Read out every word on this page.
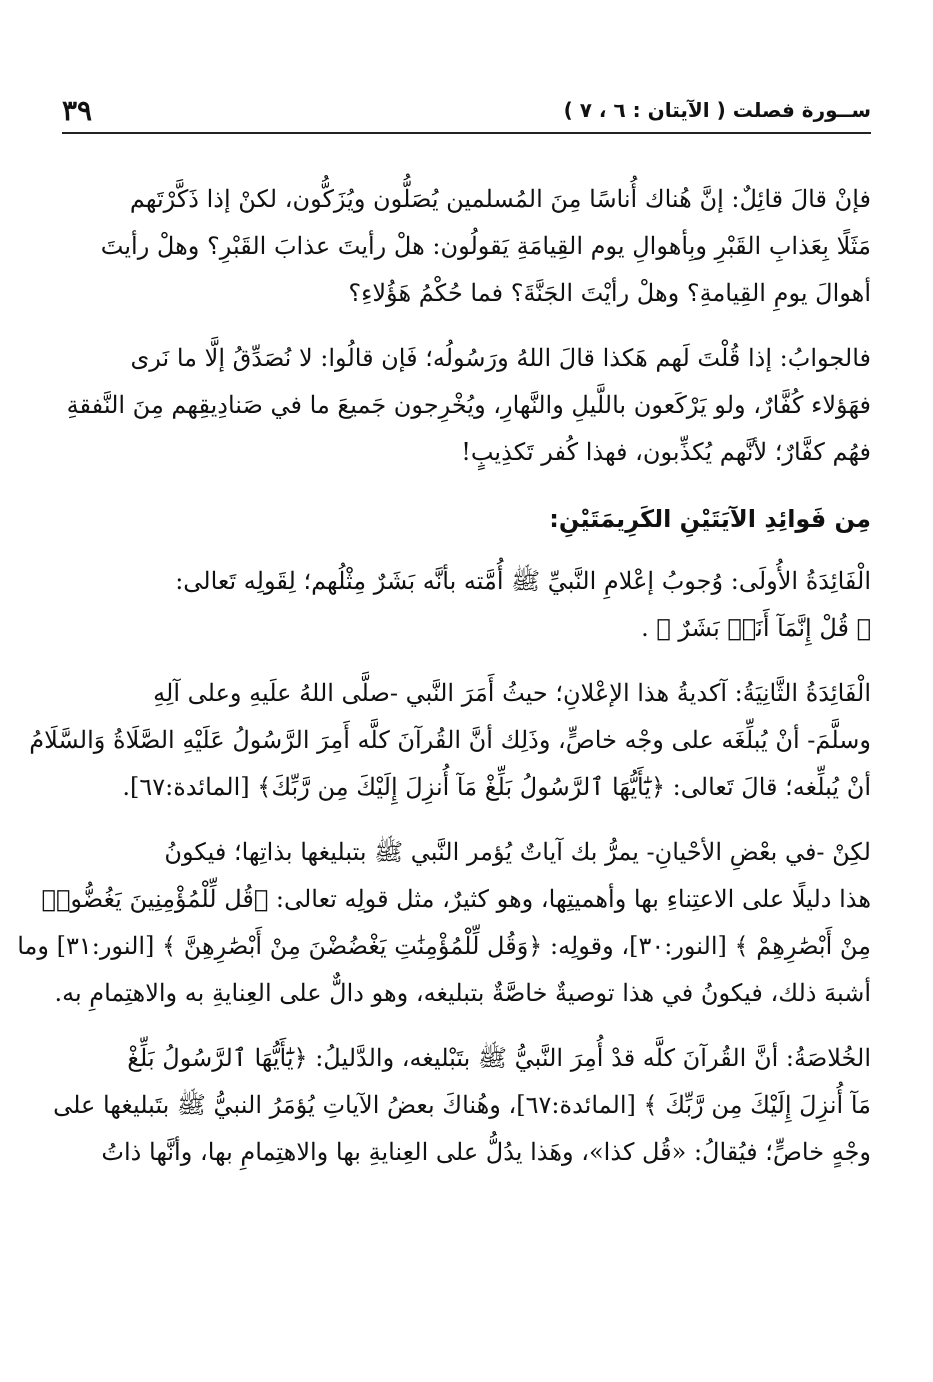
٣٩	ســورة فصلت ( الآيتان : ٦ ، ٧ )
فإنْ قالَ قائِلٌ: إنَّ هُناك أُناسًا مِنَ المُسلمين يُصَلُّون ويُزَكُّون، لكنْ إذا ذَكَّرْتَهم
مَثَلًا بِعَذابِ القَبْرِ وبِأهوالِ يوم القِيامَةِ يَقولُون: هلْ رأيتَ عذابَ القَبْرِ؟ وهلْ رأيتَ
أهوالَ يومِ القِيامةِ؟ وهلْ رأيْتَ الجَنَّةَ؟ فما حُكْمُ هَؤُلاءِ؟
فالجوابُ: إذا قُلْتَ لَهم هَكذا قالَ اللهُ ورَسُولُه؛ فَإن قالُوا: لا نُصَدِّقُ إلَّا ما نَرى
فهَؤلاء كُفَّارٌ، ولو يَرْكَعون باللَّيلِ والنَّهارِ، ويُخْرِجون جَميعَ ما في صَنادِيقِهم مِنَ النَّفقةِ
فهُم كفَّارٌ؛ لأنَّهم يُكذِّبون، فهذا كُفر تَكذِيبٍ!
مِن فَوائِدِ الآيَتَيْنِ الكَرِيمَتَيْنِ:
الْفَائِدَةُ الأُولَى: وُجوبُ إعْلامِ النَّبيِّ ﷺ أُمَّته بأنَّه بَشَرٌ مِثْلُهم؛ لِقَولِه تَعالى:
﴿ قُلْ إِنَّمَآ أَنَا۠ بَشَرٌ ﴾ .
الْفَائِدَةُ الثَّانِيَةُ: آكديةُ هذا الإعْلانِ؛ حيثُ أَمَرَ النَّبي -صلَّى اللهُ علَيهِ وعلى آلِهِ
وسلَّمَ- أنْ يُبلِّغَه على وجْه خاصٍّ، وذَلِك أنَّ القُرآنَ كلَّه أَمِرَ الرَّسُولُ عَلَيْهِ الصَّلَاةُ وَالسَّلَامُ
أنْ يُبلِّغه؛ قالَ تَعالى: ﴿يَٰٓأَيُّهَا ٱلرَّسُولُ بَلِّغْ مَآ أُنزِلَ إِلَيْكَ مِن رَّبِّكَ﴾ [المائدة:٦٧].
لكِنْ -في بعْضِ الأحْيانِ- يمرُّ بك آياتٌ يُؤمر النَّبي ﷺ بتبليغها بذاتِها؛ فيكونُ
هذا دليلًا على الاعتِناءِ بها وأهميتِها، وهو كثيرٌ، مثل قولِه تعالى: ﴿قُل لِّلْمُؤْمِنِينَ يَغُضُّوا۟
مِنْ أَبْصَٰرِهِمْ ﴾ [النور:٣٠]، وقولِه: ﴿وَقُل لِّلْمُؤْمِنَٰتِ يَغْضُضْنَ مِنْ أَبْصَٰرِهِنَّ ﴾ [النور:٣١] وما
أشبهَ ذلك، فيكونُ في هذا توصيةٌ خاصَّةٌ بتبليغه، وهو دالٌّ على العِنايةِ به والاهتِمامِ به.
الخُلاصَةُ: أنَّ القُرآنَ كلَّه قدْ أُمِرَ النَّبيُّ ﷺ بتَبْليغه، والدَّليلُ: ﴿يَٰٓأَيُّهَا ٱلرَّسُولُ بَلِّغْ
مَآ أُنزِلَ إِلَيْكَ مِن رَّبِّكَ ﴾ [المائدة:٦٧]، وهُناكَ بعضُ الآياتِ يُؤمَرُ النبيُّ ﷺ بتَبليغها على
وجْهٍ خاصٍّ؛ فيُقالُ: «قُل كذا»، وهَذا يدُلُّ على العِنايةِ بها والاهتِمامِ بها، وأنَّها ذاتُ
